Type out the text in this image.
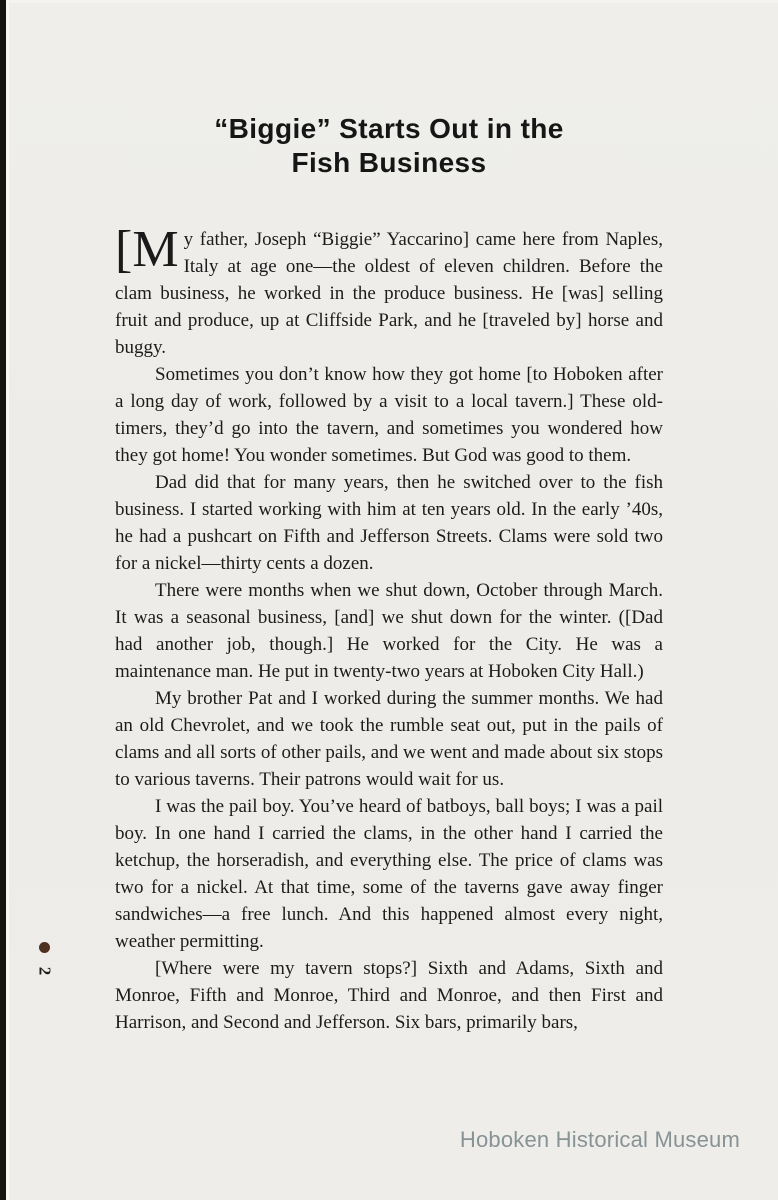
“Biggie” Starts Out in the
Fish Business

[M y father, Joseph “Biggie” Yaccarino] came here from Naples, Italy at age one—the oldest of eleven children. Before the clam business, he worked in the produce business. He [was] selling fruit and produce, up at Cliffside Park, and he [traveled by] horse and buggy.

Sometimes you don’t know how they got home [to Hoboken after a long day of work, followed by a visit to a local tavern.] These old-timers, they’d go into the tavern, and sometimes you wondered how they got home! You wonder sometimes. But God was good to them.

Dad did that for many years, then he switched over to the fish business. I started working with him at ten years old. In the early ’40s, he had a pushcart on Fifth and Jefferson Streets. Clams were sold two for a nickel—thirty cents a dozen.

There were months when we shut down, October through March. It was a seasonal business, [and] we shut down for the winter. ([Dad had another job, though.] He worked for the City. He was a maintenance man. He put in twenty-two years at Hoboken City Hall.)

My brother Pat and I worked during the summer months. We had an old Chevrolet, and we took the rumble seat out, put in the pails of clams and all sorts of other pails, and we went and made about six stops to various taverns. Their patrons would wait for us.

I was the pail boy. You’ve heard of batboys, ball boys; I was a pail boy. In one hand I carried the clams, in the other hand I carried the ketchup, the horseradish, and everything else. The price of clams was two for a nickel. At that time, some of the taverns gave away finger sandwiches—a free lunch. And this happened almost every night, weather permitting.

[Where were my tavern stops?] Sixth and Adams, Sixth and Monroe, Fifth and Monroe, Third and Monroe, and then First and Harrison, and Second and Jefferson. Six bars, primarily bars,

2
Hoboken Historical Museum
